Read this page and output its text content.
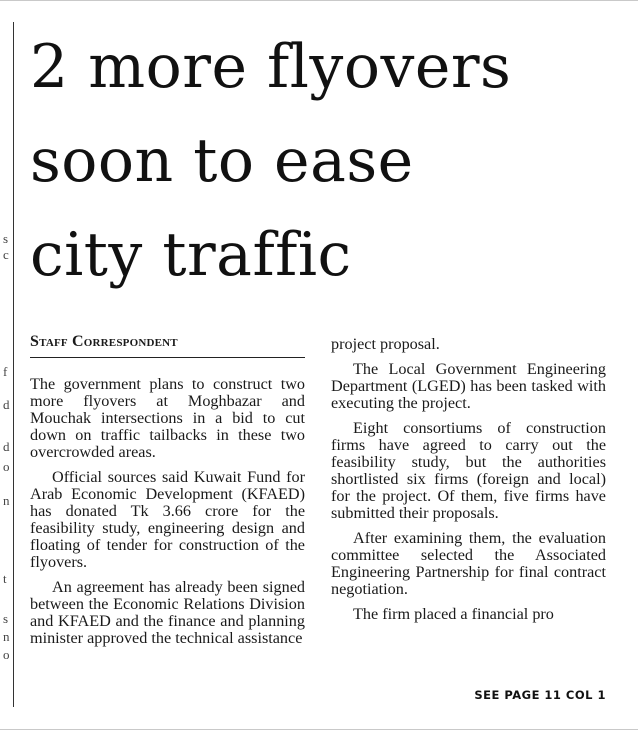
s
c
f
d
d
o
n
t
s
n
o
2 more flyovers
soon to ease
city traffic
Staff Correspondent

The government plans to construct two more flyovers at Moghbazar and Mouchak intersections in a bid to cut down on traffic tailbacks in these two overcrowded areas.

Official sources said Kuwait Fund for Arab Economic Development (KFAED) has donated Tk 3.66 crore for the feasibility study, engineering design and floating of tender for construction of the flyovers.

An agreement has already been signed between the Economic Relations Division and KFAED and the finance and planning minister approved the technical assistance

project proposal.

The Local Government Engineering Department (LGED) has been tasked with executing the project.

Eight consortiums of construction firms have agreed to carry out the feasibility study, but the authorities shortlisted six firms (foreign and local) for the project. Of them, five firms have submitted their proposals.

After examining them, the evaluation committee selected the Associated Engineering Partnership for final contract negotiation.

The firm placed a financial pro

SEE PAGE 11 COL 1
